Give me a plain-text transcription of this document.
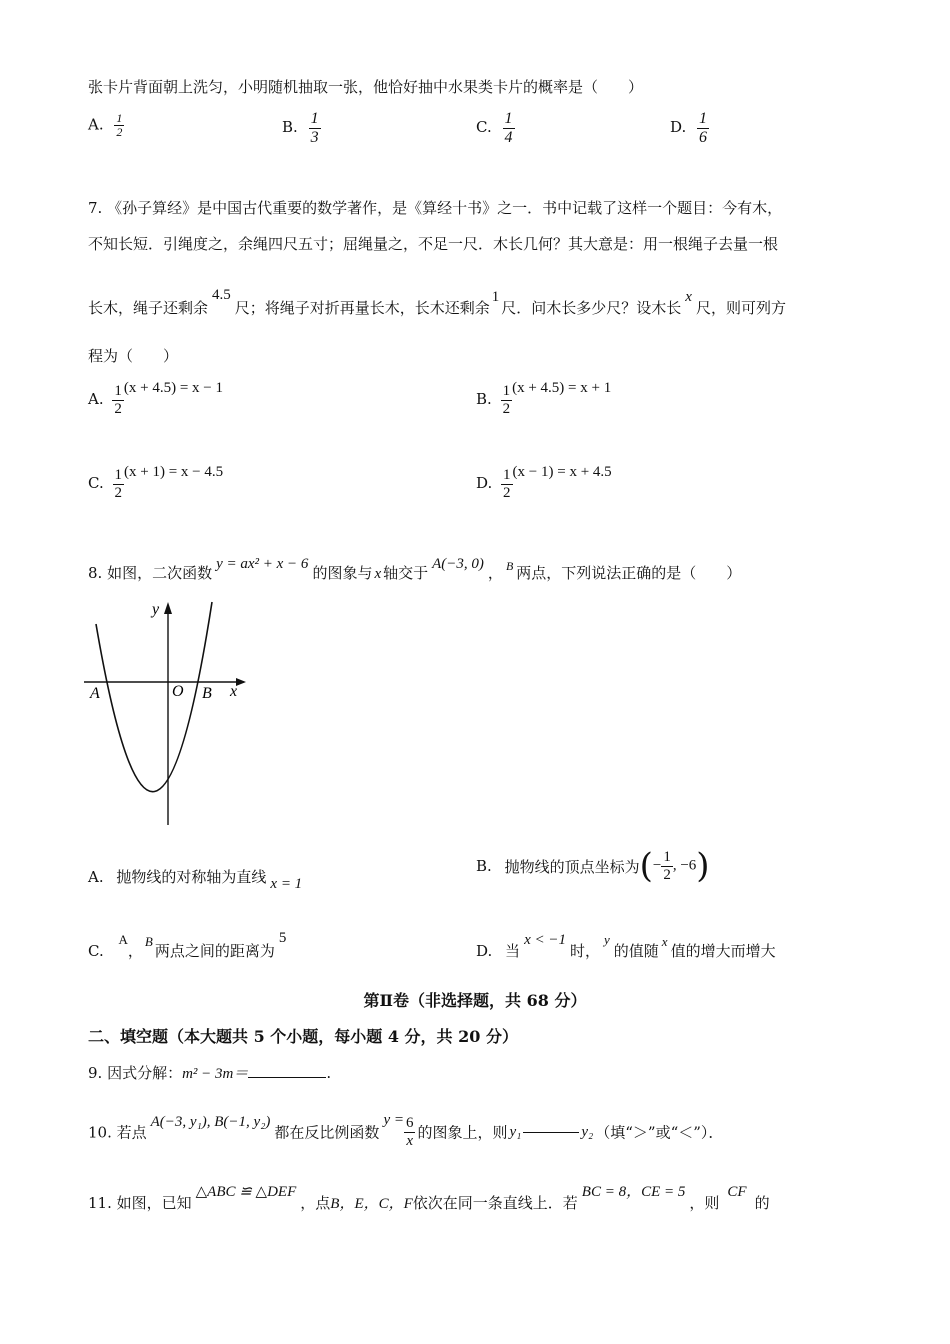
张卡片背面朝上洗匀，小明随机抽取一张，他恰好抽中水果类卡片的概率是（　　）
A. $\frac{1}{2}$	B. $\frac{1}{3}$	C. $\frac{1}{4}$	D. $\frac{1}{6}$
7. 《孙子算经》是中国古代重要的数学著作，是《算经十书》之一．书中记载了这样一个题目：今有木，
不知长短．引绳度之，余绳四尺五寸；屈绳量之，不足一尺．木长几何？其大意是：用一根绳子去量一根
长木，绳子还剩余4.5尺；将绳子对折再量长木，长木还剩余1尺．问木长多少尺？设木长x尺，则可列方
程为（　　）
A. $\frac{1}{2} (x + 4.5) = x - 1$
B. $\frac{1}{2} (x + 4.5) = x + 1$
C. $\frac{1}{2} (x + 1) = x - 4.5$
D. $\frac{1}{2} (x - 1) = x + 4.5$
8. 如图，二次函数 y = ax² + x − 6 的图象与 x 轴交于 A(−3, 0) ， $^B$ 两点，下列说法正确的是（　　）
y
x
O
A	B
A. 抛物线的对称轴为直线 x = 1
B. 抛物线的顶点坐标为(− $\frac{1}{2}$ , −6)
C. A，B两点之间的距离为5
D. 当x < −1时，y的值随x值的增大而增大
第Ⅱ卷（非选择题，共 68 分）
二、填空题（本大题共 5 个小题，每小题 4 分，共 20 分）
9. 因式分解：m² − 3m＝	.
10. 若点A(−3, y₁), B(−1, y₂)都在反比例函数$y = \frac{6}{x}$ 的图象上，则 y₁	y₂ （填“＞”或“＜”）．
11. 如图，已知△ABC ≌ △DEF，点B，E，C，F依次在同一条直线上．若BC = 8，CE = 5，则CF的
